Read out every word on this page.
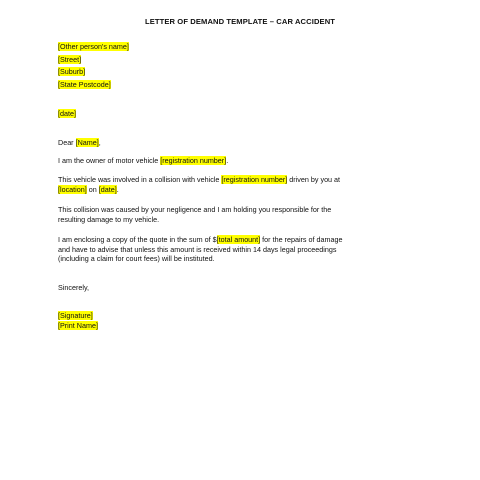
LETTER OF DEMAND TEMPLATE – CAR ACCIDENT
[Other person's name]
[Street]
[Suburb]
[State Postcode]
[date]
Dear [Name],
I am the owner of motor vehicle [registration number].
This vehicle was involved in a collision with vehicle [registration number] driven by you at
[location] on [date].
This collision was caused by your negligence and I am holding you responsible for the
resulting damage to my vehicle.
I am enclosing a copy of the quote in the sum of $[total amount] for the repairs of damage
and have to advise that unless this amount is received within 14 days legal proceedings
(including a claim for court fees) will be instituted.
Sincerely,
[Signature]
[Print Name]
